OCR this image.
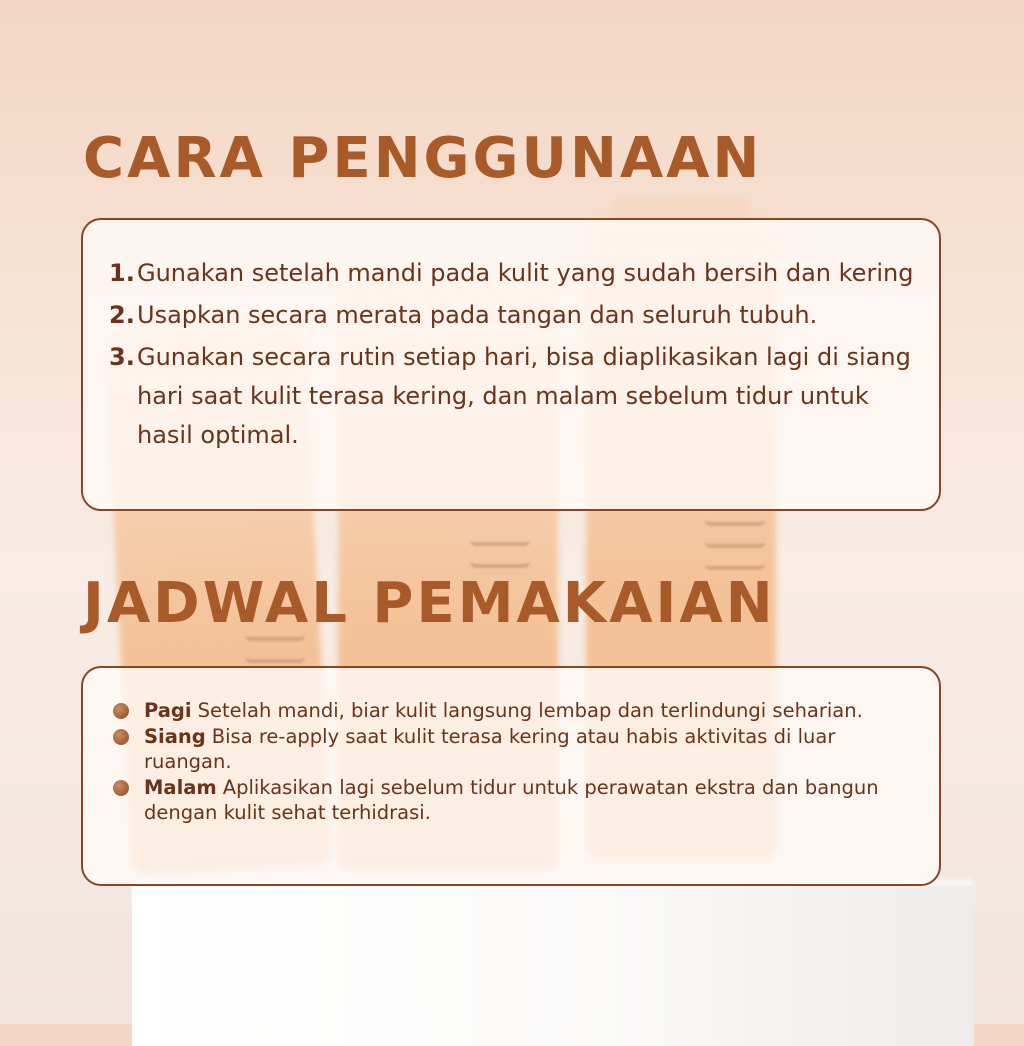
CARA PENGGUNAAN
1. Gunakan setelah mandi pada kulit yang sudah bersih dan kering
2. Usapkan secara merata pada tangan dan seluruh tubuh.
3. Gunakan secara rutin setiap hari, bisa diaplikasikan lagi di siang hari saat kulit terasa kering, dan malam sebelum tidur untuk hasil optimal.
JADWAL PEMAKAIAN
Pagi Setelah mandi, biar kulit langsung lembap dan terlindungi seharian.
Siang Bisa re-apply saat kulit terasa kering atau habis aktivitas di luar ruangan.
Malam Aplikasikan lagi sebelum tidur untuk perawatan ekstra dan bangun dengan kulit sehat terhidrasi.
